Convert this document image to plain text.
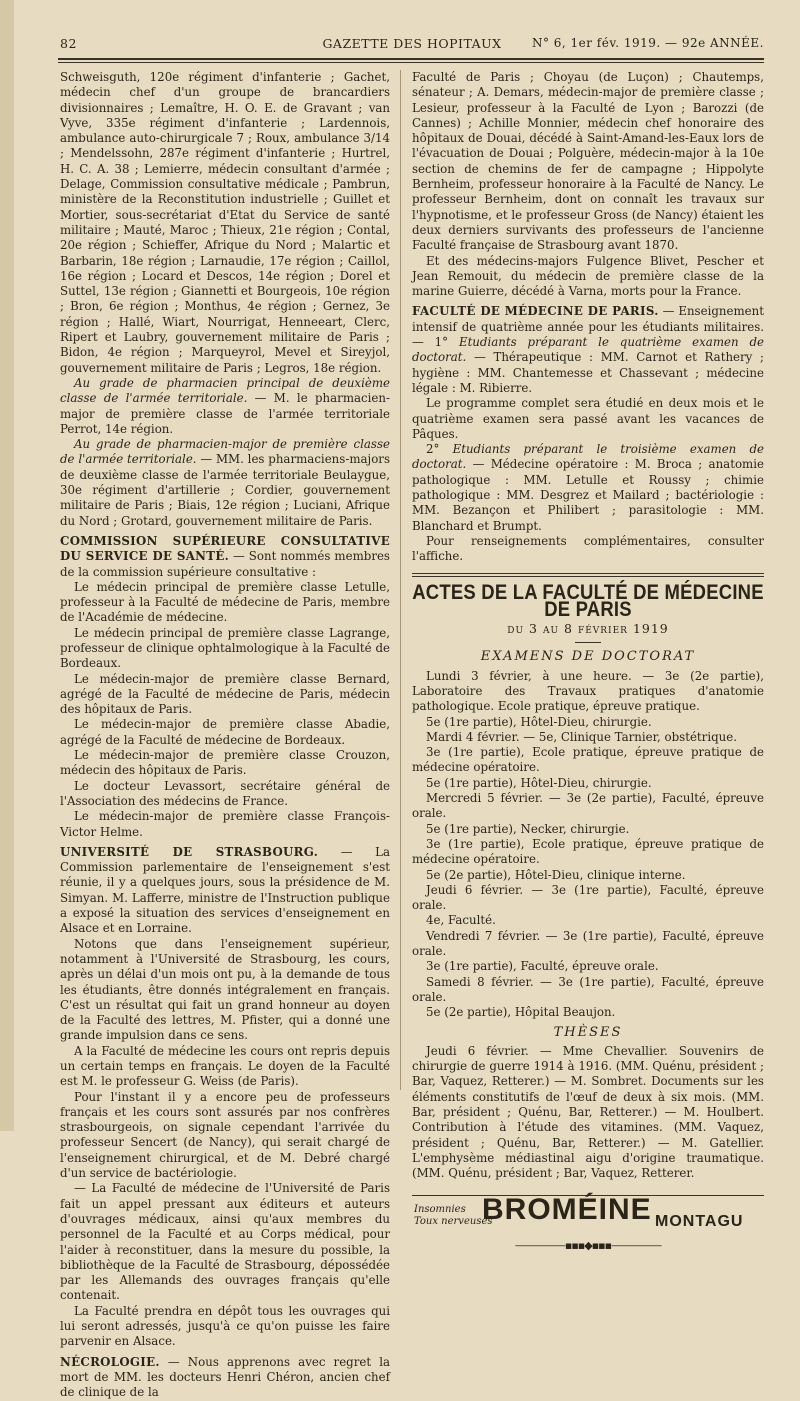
82	GAZETTE DES HOPITAUX	N° 6, 1er fév. 1919. — 92e ANNÉE.

Schweisguth, 120e régiment d'infanterie ; Gachet, médecin chef d'un groupe de brancardiers divisionnaires ; Lemaître, H. O. E. de Gravant ; van Vyve, 335e régiment d'infanterie ; Lardennois, ambulance auto-chirurgicale 7 ; Roux, ambulance 3/14 ; Mendelssohn, 287e régiment d'infanterie ; Hurtrel, H. C. A. 38 ; Lemierre, médecin consultant d'armée ; Delage, Commission consultative médicale ; Pambrun, ministère de la Reconstitution industrielle ; Guillet et Mortier, sous-secrétariat d'Etat du Service de santé militaire ; Mauté, Maroc ; Thieux, 21e région ; Contal, 20e région ; Schieffer, Afrique du Nord ; Malartic et Barbarin, 18e région ; Larnaudie, 17e région ; Caillol, 16e région ; Locard et Descos, 14e région ; Dorel et Suttel, 13e région ; Giannetti et Bourgeois, 10e région ; Bron, 6e région ; Monthus, 4e région ; Gernez, 3e région ; Hallé, Wiart, Nourrigat, Henneeart, Clerc, Ripert et Laubry, gouvernement militaire de Paris ; Bidon, 4e région ; Marqueyrol, Mevel et Sireyjol, gouvernement militaire de Paris ; Legros, 18e région.

Au grade de pharmacien principal de deuxième classe de l'armée territoriale. — M. le pharmacien-major de première classe de l'armée territoriale Perrot, 14e région.

Au grade de pharmacien-major de première classe de l'armée territoriale. — MM. les pharmaciens-majors de deuxième classe de l'armée territoriale Beulaygue, 30e régiment d'artillerie ; Cordier, gouvernement militaire de Paris ; Biais, 12e région ; Luciani, Afrique du Nord ; Grotard, gouvernement militaire de Paris.

COMMISSION SUPÉRIEURE CONSULTATIVE DU SERVICE DE SANTÉ. — Sont nommés membres de la commission supérieure consultative :

Le médecin principal de première classe Letulle, professeur à la Faculté de médecine de Paris, membre de l'Académie de médecine.

Le médecin principal de première classe Lagrange, professeur de clinique ophtalmologique à la Faculté de Bordeaux.

Le médecin-major de première classe Bernard, agrégé de la Faculté de médecine de Paris, médecin des hôpitaux de Paris.

Le médecin-major de première classe Abadie, agrégé de la Faculté de médecine de Bordeaux.

Le médecin-major de première classe Crouzon, médecin des hôpitaux de Paris.

Le docteur Levassort, secrétaire général de l'Association des médecins de France.

Le médecin-major de première classe François-Victor Helme.

UNIVERSITÉ DE STRASBOURG. — La Commission parlementaire de l'enseignement s'est réunie, il y a quelques jours, sous la présidence de M. Simyan. M. Lafferre, ministre de l'Instruction publique a exposé la situation des services d'enseignement en Alsace et en Lorraine.

Notons que dans l'enseignement supérieur, notamment à l'Université de Strasbourg, les cours, après un délai d'un mois ont pu, à la demande de tous les étudiants, être donnés intégralement en français. C'est un résultat qui fait un grand honneur au doyen de la Faculté des lettres, M. Pfister, qui a donné une grande impulsion dans ce sens.

A la Faculté de médecine les cours ont repris depuis un certain temps en français. Le doyen de la Faculté est M. le professeur G. Weiss (de Paris).

Pour l'instant il y a encore peu de professeurs français et les cours sont assurés par nos confrères strasbourgeois, on signale cependant l'arrivée du professeur Sencert (de Nancy), qui serait chargé de l'enseignement chirurgical, et de M. Debré chargé d'un service de bactériologie.

— La Faculté de médecine de l'Université de Paris fait un appel pressant aux éditeurs et auteurs d'ouvrages médicaux, ainsi qu'aux membres du personnel de la Faculté et au Corps médical, pour l'aider à reconstituer, dans la mesure du possible, la bibliothèque de la Faculté de Strasbourg, dépossédée par les Allemands des ouvrages français qu'elle contenait.

La Faculté prendra en dépôt tous les ouvrages qui lui seront adressés, jusqu'à ce qu'on puisse les faire parvenir en Alsace.

NÉCROLOGIE. — Nous apprenons avec regret la mort de MM. les docteurs Henri Chéron, ancien chef de clinique de la

Faculté de Paris ; Choyau (de Luçon) ; Chautemps, sénateur ; A. Demars, médecin-major de première classe ; Lesieur, professeur à la Faculté de Lyon ; Barozzi (de Cannes) ; Achille Monnier, médecin chef honoraire des hôpitaux de Douai, décédé à Saint-Amand-les-Eaux lors de l'évacuation de Douai ; Polguère, médecin-major à la 10e section de chemins de fer de campagne ; Hippolyte Bernheim, professeur honoraire à la Faculté de Nancy. Le professeur Bernheim, dont on connaît les travaux sur l'hypnotisme, et le professeur Gross (de Nancy) étaient les deux derniers survivants des professeurs de l'ancienne Faculté française de Strasbourg avant 1870.

Et des médecins-majors Fulgence Blivet, Pescher et Jean Remouit, du médecin de première classe de la marine Guierre, décédé à Varna, morts pour la France.

FACULTÉ DE MÉDECINE DE PARIS. — Enseignement intensif de quatrième année pour les étudiants militaires. — 1° Etudiants préparant le quatrième examen de doctorat. — Thérapeutique : MM. Carnot et Rathery ; hygiène : MM. Chantemesse et Chassevant ; médecine légale : M. Ribierre.

Le programme complet sera étudié en deux mois et le quatrième examen sera passé avant les vacances de Pâques.

2° Etudiants préparant le troisième examen de doctorat. — Médecine opératoire : M. Broca ; anatomie pathologique : MM. Letulle et Roussy ; chimie pathologique : MM. Desgrez et Mailard ; bactériologie : MM. Bezançon et Philibert ; parasitologie : MM. Blanchard et Brumpt.

Pour renseignements complémentaires, consulter l'affiche.

ACTES DE LA FACULTÉ DE MÉDECINE DE PARIS
du 3 au 8 février 1919
EXAMENS DE DOCTORAT

Lundi 3 février, à une heure. — 3e (2e partie), Laboratoire des Travaux pratiques d'anatomie pathologique. Ecole pratique, épreuve pratique.

5e (1re partie), Hôtel-Dieu, chirurgie.

Mardi 4 février. — 5e, Clinique Tarnier, obstétrique.

3e (1re partie), Ecole pratique, épreuve pratique de médecine opératoire.

5e (1re partie), Hôtel-Dieu, chirurgie.

Mercredi 5 février. — 3e (2e partie), Faculté, épreuve orale.

5e (1re partie), Necker, chirurgie.

3e (1re partie), Ecole pratique, épreuve pratique de médecine opératoire.

5e (2e partie), Hôtel-Dieu, clinique interne.

Jeudi 6 février. — 3e (1re partie), Faculté, épreuve orale.

4e, Faculté.

Vendredi 7 février. — 3e (1re partie), Faculté, épreuve orale.

3e (1re partie), Faculté, épreuve orale.

Samedi 8 février. — 3e (1re partie), Faculté, épreuve orale.

5e (2e partie), Hôpital Beaujon.

THÈSES

Jeudi 6 février. — Mme Chevallier. Souvenirs de chirurgie de guerre 1914 à 1916. (MM. Quénu, président ; Bar, Vaquez, Retterer.) — M. Sombret. Documents sur les éléments constitutifs de l'œuf de deux à six mois. (MM. Bar, président ; Quénu, Bar, Retterer.) — M. Houlbert. Contribution à l'étude des vitamines. (MM. Vaquez, président ; Quénu, Bar, Retterer.) — M. Gatellier. L'emphysème médiastinal aigu d'origine traumatique. (MM. Quénu, président ; Bar, Vaquez, Retterer.

Insomnies
Toux nerveuses
BROMÉINE MONTAGU
—————▪▪▪◆▪▪▪—————
